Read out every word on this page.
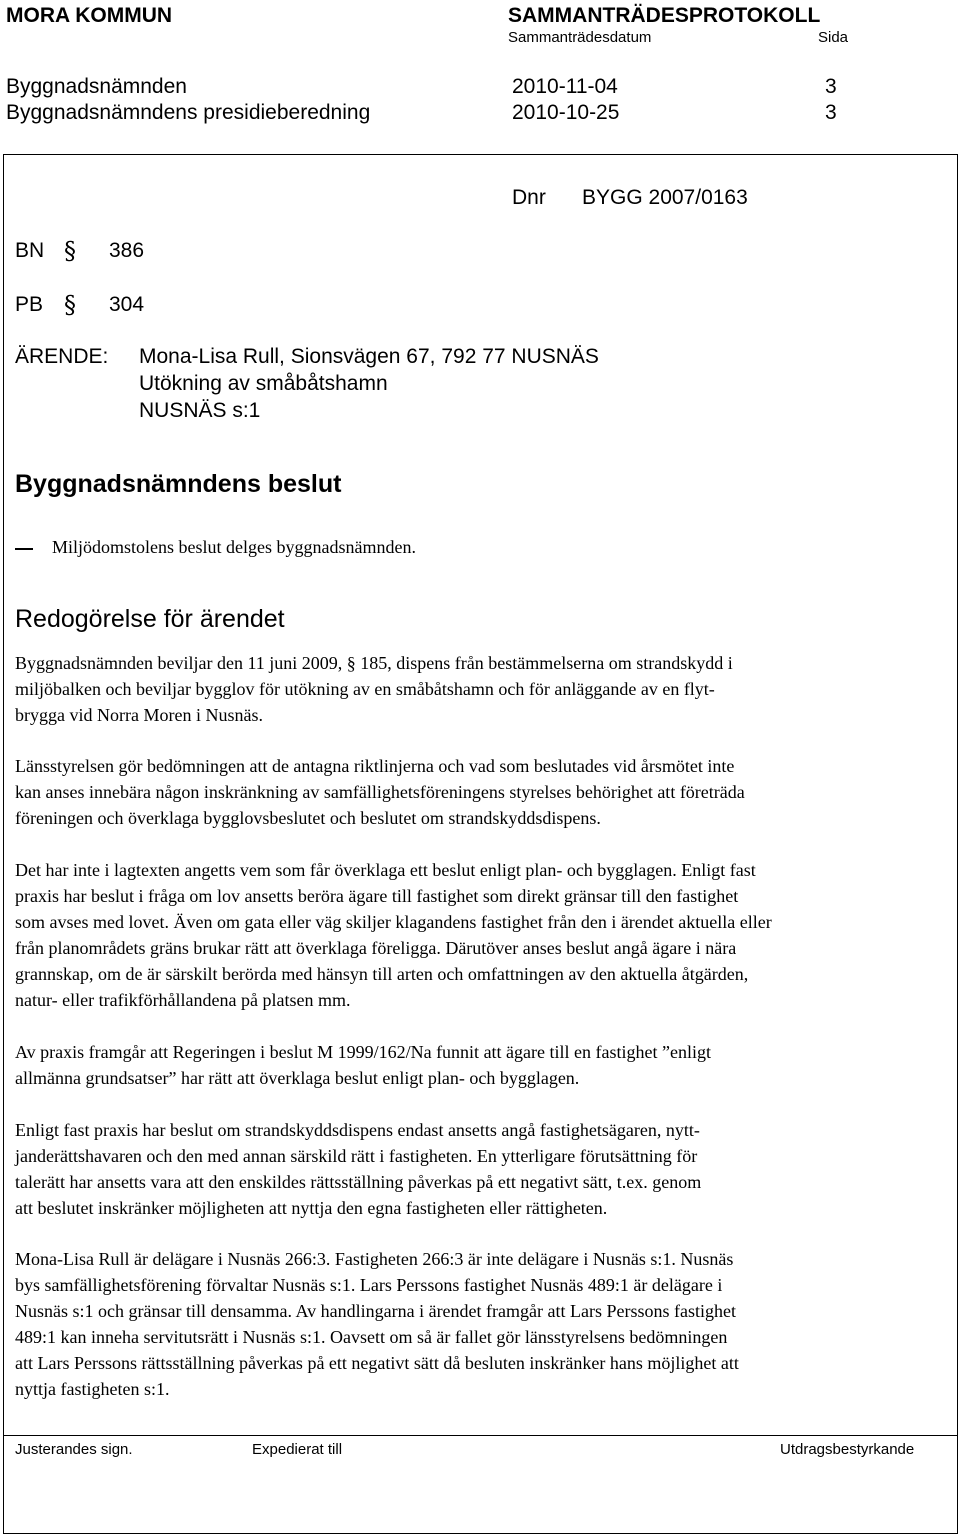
MORA KOMMUN	SAMMANTRÄDESPROTOKOLL
Sammanträdesdatum	Sida
Byggnadsnämnden	2010-11-04	3
Byggnadsnämndens presidieberedning	2010-10-25	3
Dnr BYGG 2007/0163
BN § 386
PB § 304
ÄRENDE: Mona-Lisa Rull, Sionsvägen 67, 792 77 NUSNÄS
Utökning av småbåtshamn
NUSNÄS s:1
Byggnadsnämndens beslut
Miljödomstolens beslut delges byggnadsnämnden.
Redogörelse för ärendet
Byggnadsnämnden beviljar den 11 juni 2009, § 185, dispens från bestämmelserna om strandskydd i
miljöbalken och beviljar bygglov för utökning av en småbåtshamn och för anläggande av en flyt-
brygga vid Norra Moren i Nusnäs.
Länsstyrelsen gör bedömningen att de antagna riktlinjerna och vad som beslutades vid årsmötet inte
kan anses innebära någon inskränkning av samfällighetsföreningens styrelses behörighet att företräda
föreningen och överklaga bygglovsbeslutet och beslutet om strandskyddsdispens.
Det har inte i lagtexten angetts vem som får överklaga ett beslut enligt plan- och bygglagen. Enligt fast
praxis har beslut i fråga om lov ansetts beröra ägare till fastighet som direkt gränsar till den fastighet
som avses med lovet. Även om gata eller väg skiljer klagandens fastighet från den i ärendet aktuella eller
från planområdets gräns brukar rätt att överklaga föreligga. Därutöver anses beslut angå ägare i nära
grannskap, om de är särskilt berörda med hänsyn till arten och omfattningen av den aktuella åtgärden,
natur- eller trafikförhållandena på platsen mm.
Av praxis framgår att Regeringen i beslut M 1999/162/Na funnit att ägare till en fastighet ”enligt
allmänna grundsatser” har rätt att överklaga beslut enligt plan- och bygglagen.
Enligt fast praxis har beslut om strandskyddsdispens endast ansetts angå fastighetsägaren, nytt-
janderättshavaren och den med annan särskild rätt i fastigheten. En ytterligare förutsättning för
talerätt har ansetts vara att den enskildes rättsställning påverkas på ett negativt sätt, t.ex. genom
att beslutet inskränker möjligheten att nyttja den egna fastigheten eller rättigheten.
Mona-Lisa Rull är delägare i Nusnäs 266:3. Fastigheten 266:3 är inte delägare i Nusnäs s:1. Nusnäs
bys samfällighetsförening förvaltar Nusnäs s:1. Lars Perssons fastighet Nusnäs 489:1 är delägare i
Nusnäs s:1 och gränsar till densamma. Av handlingarna i ärendet framgår att Lars Perssons fastighet
489:1 kan inneha servitutsrätt i Nusnäs s:1. Oavsett om så är fallet gör länsstyrelsens bedömningen
att Lars Perssons rättsställning påverkas på ett negativt sätt då besluten inskränker hans möjlighet att
nyttja fastigheten s:1.
Justerandes sign.	Expedierat till	Utdragsbestyrkande
